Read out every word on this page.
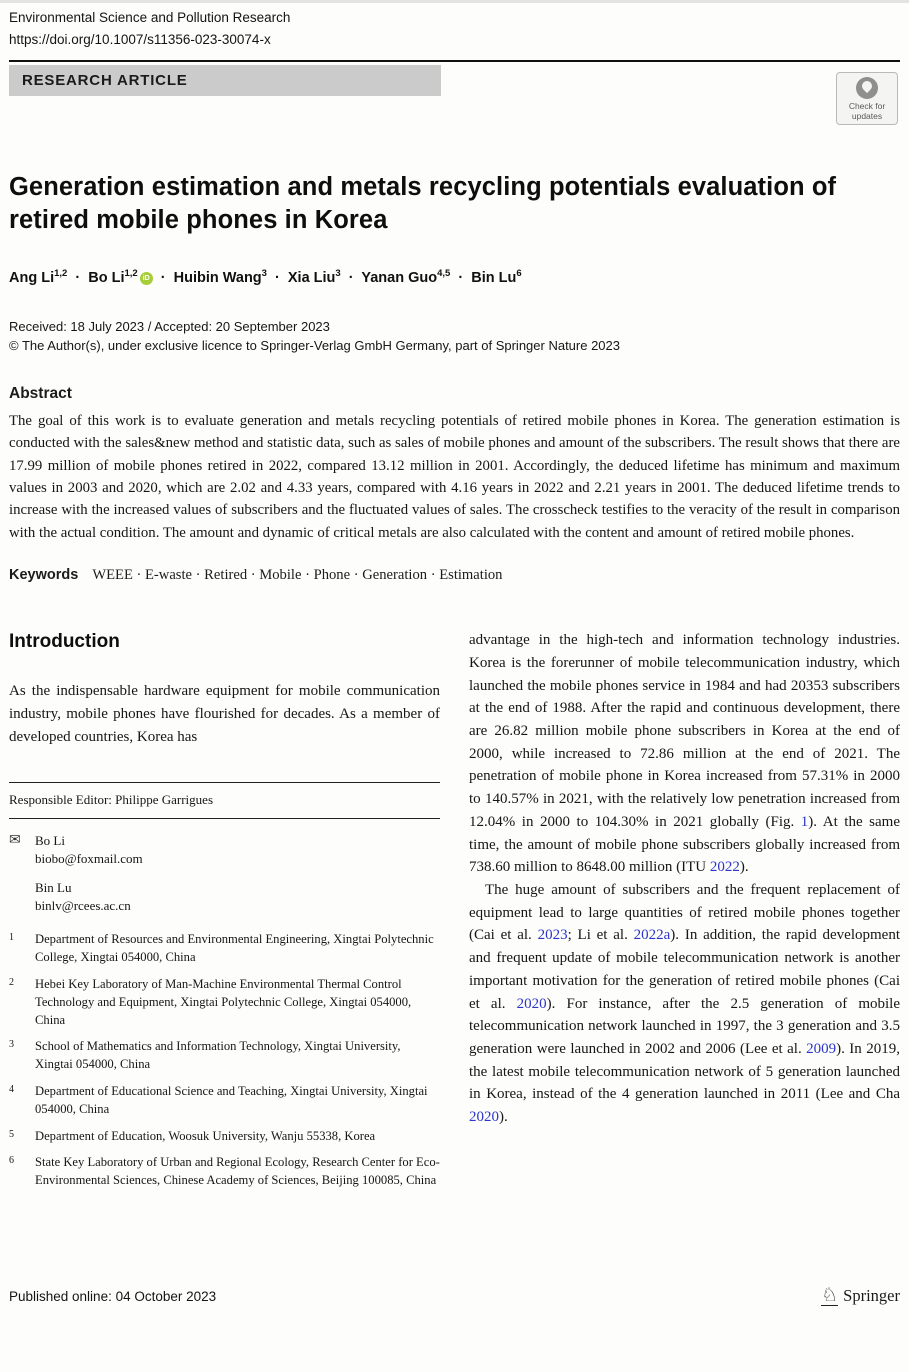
Environmental Science and Pollution Research
https://doi.org/10.1007/s11356-023-30074-x
RESEARCH ARTICLE
Check for
updates
Generation estimation and metals recycling potentials evaluation of retired mobile phones in Korea
Ang Li$^{1,2}$ · Bo Li$^{1,2}$ iD · Huibin Wang$^3$ · Xia Liu$^3$ · Yanan Guo$^{4,5}$ · Bin Lu$^6$
Received: 18 July 2023 / Accepted: 20 September 2023
© The Author(s), under exclusive licence to Springer-Verlag GmbH Germany, part of Springer Nature 2023
Abstract

The goal of this work is to evaluate generation and metals recycling potentials of retired mobile phones in Korea. The generation estimation is conducted with the sales&new method and statistic data, such as sales of mobile phones and amount of the subscribers. The result shows that there are 17.99 million of mobile phones retired in 2022, compared 13.12 million in 2001. Accordingly, the deduced lifetime has minimum and maximum values in 2003 and 2020, which are 2.02 and 4.33 years, compared with 4.16 years in 2022 and 2.21 years in 2001. The deduced lifetime trends to increase with the increased values of subscribers and the fluctuated values of sales. The crosscheck testifies to the veracity of the result in comparison with the actual condition. The amount and dynamic of critical metals are also calculated with the content and amount of retired mobile phones.

Keywords WEEE · E-waste · Retired · Mobile · Phone · Generation · Estimation
Introduction

As the indispensable hardware equipment for mobile communication industry, mobile phones have flourished for decades. As a member of developed countries, Korea has

Responsible Editor: Philippe Garrigues
✉	Bo Li
biobo@foxmail.com
Bin Lu
binlv@rcees.ac.cn
1	Department of Resources and Environmental Engineering, Xingtai Polytechnic College, Xingtai 054000, China
2	Hebei Key Laboratory of Man-Machine Environmental Thermal Control Technology and Equipment, Xingtai Polytechnic College, Xingtai 054000, China
3	School of Mathematics and Information Technology, Xingtai University, Xingtai 054000, China
4	Department of Educational Science and Teaching, Xingtai University, Xingtai 054000, China
5	Department of Education, Woosuk University, Wanju 55338, Korea
6	State Key Laboratory of Urban and Regional Ecology, Research Center for Eco-Environmental Sciences, Chinese Academy of Sciences, Beijing 100085, China

advantage in the high-tech and information technology industries. Korea is the forerunner of mobile telecommunication industry, which launched the mobile phones service in 1984 and had 20353 subscribers at the end of 1988. After the rapid and continuous development, there are 26.82 million mobile phone subscribers in Korea at the end of 2000, while increased to 72.86 million at the end of 2021. The penetration of mobile phone in Korea increased from 57.31% in 2000 to 140.57% in 2021, with the relatively low penetration increased from 12.04% in 2000 to 104.30% in 2021 globally (Fig. 1). At the same time, the amount of mobile phone subscribers globally increased from 738.60 million to 8648.00 million (ITU 2022).

The huge amount of subscribers and the frequent replacement of equipment lead to large quantities of retired mobile phones together (Cai et al. 2023; Li et al. 2022a). In addition, the rapid development and frequent update of mobile telecommunication network is another important motivation for the generation of retired mobile phones (Cai et al. 2020). For instance, after the 2.5 generation of mobile telecommunication network launched in 1997, the 3 generation and 3.5 generation were launched in 2002 and 2006 (Lee et al. 2009). In 2019, the latest mobile telecommunication network of 5 generation launched in Korea, instead of the 4 generation launched in 2011 (Lee and Cha 2020).

Published online: 04 October 2023	♘ Springer
